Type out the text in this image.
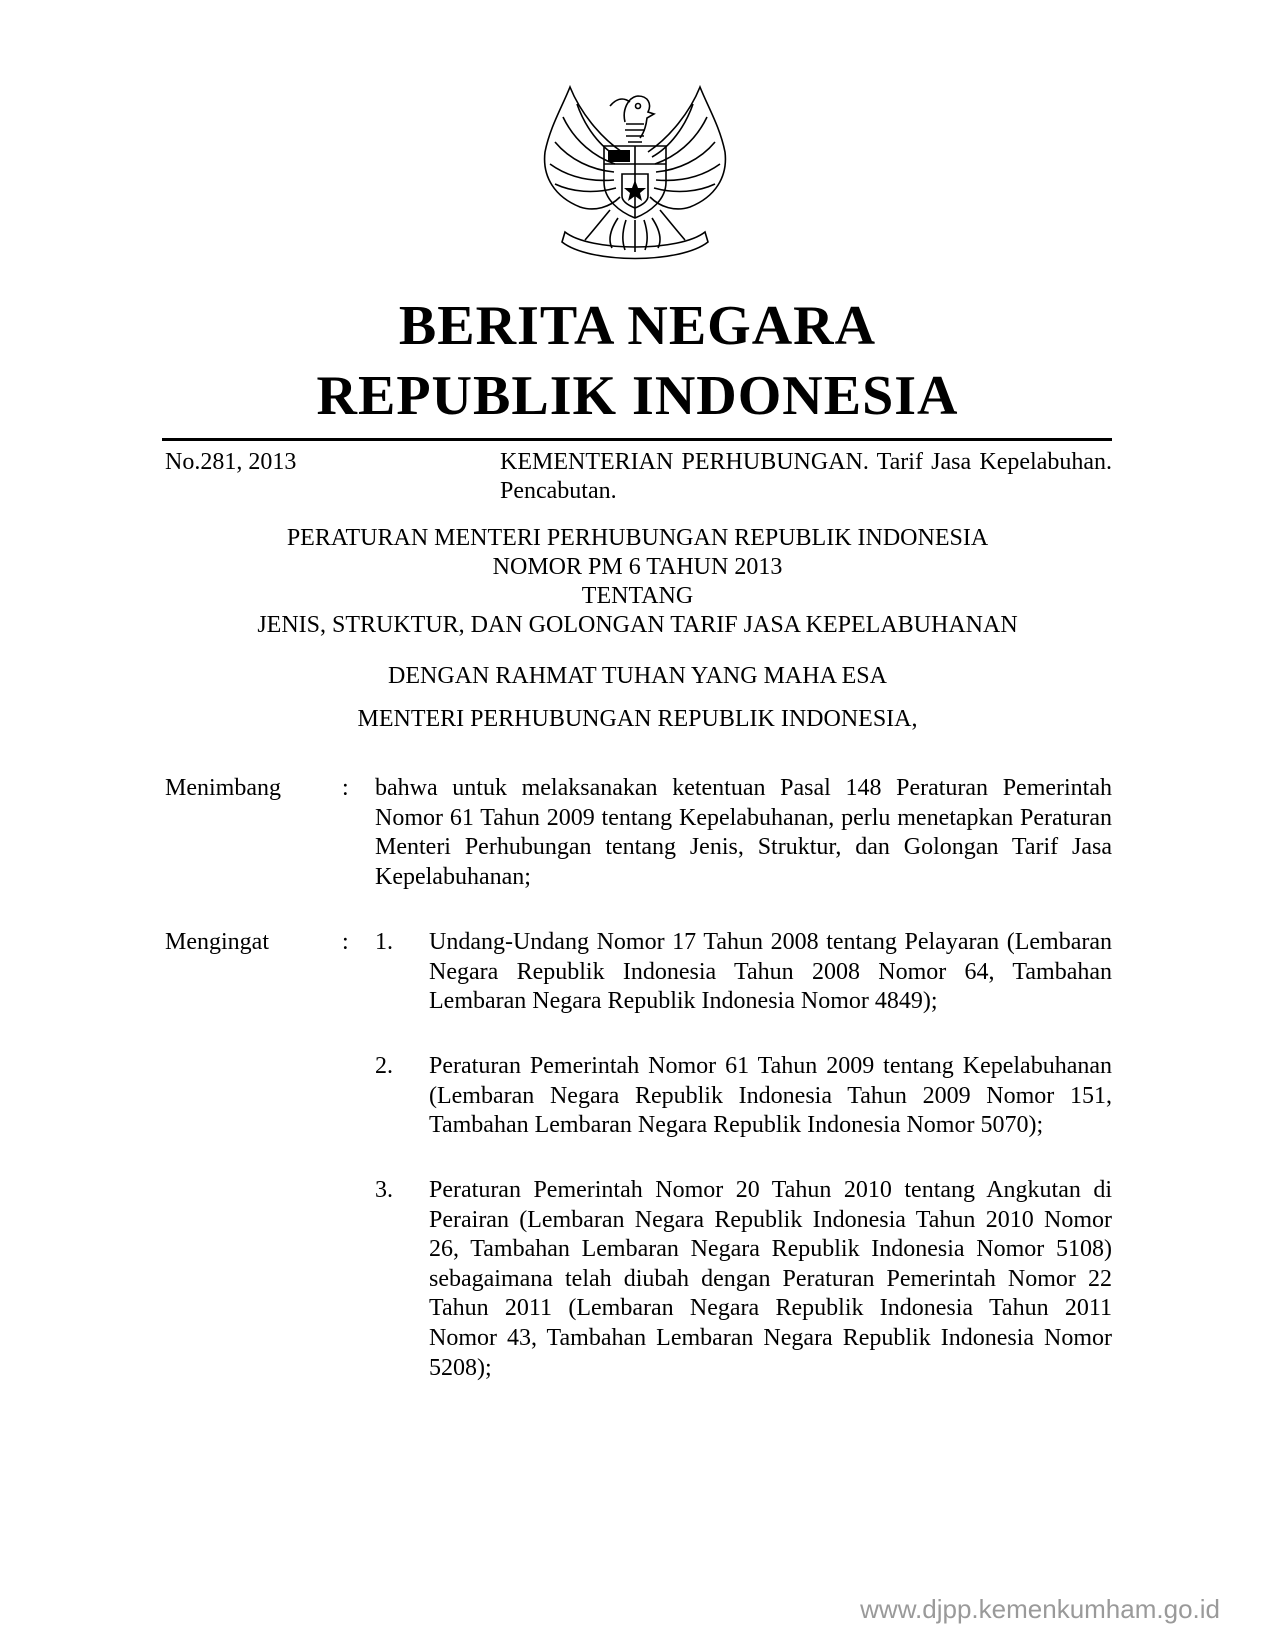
BERITA NEGARA
REPUBLIK INDONESIA
No.281, 2013	KEMENTERIAN PERHUBUNGAN. Tarif Jasa Kepelabuhan. Pencabutan.
PERATURAN MENTERI PERHUBUNGAN REPUBLIK INDONESIA
NOMOR PM 6 TAHUN 2013
TENTANG
JENIS, STRUKTUR, DAN GOLONGAN TARIF JASA KEPELABUHANAN
DENGAN RAHMAT TUHAN YANG MAHA ESA
MENTERI PERHUBUNGAN REPUBLIK INDONESIA,
Menimbang	: bahwa untuk melaksanakan ketentuan Pasal 148 Peraturan Pemerintah Nomor 61 Tahun 2009 tentang Kepelabuhanan, perlu menetapkan Peraturan Menteri Perhubungan tentang Jenis, Struktur, dan Golongan Tarif Jasa Kepelabuhanan;
Mengingat	: 1. Undang-Undang Nomor 17 Tahun 2008 tentang Pelayaran (Lembaran Negara Republik Indonesia Tahun 2008 Nomor 64, Tambahan Lembaran Negara Republik Indonesia Nomor 4849);
2. Peraturan Pemerintah Nomor 61 Tahun 2009 tentang Kepelabuhanan (Lembaran Negara Republik Indonesia Tahun 2009 Nomor 151, Tambahan Lembaran Negara Republik Indonesia Nomor 5070);
3. Peraturan Pemerintah Nomor 20 Tahun 2010 tentang Angkutan di Perairan (Lembaran Negara Republik Indonesia Tahun 2010 Nomor 26, Tambahan Lembaran Negara Republik Indonesia Nomor 5108) sebagaimana telah diubah dengan Peraturan Pemerintah Nomor 22 Tahun 2011 (Lembaran Negara Republik Indonesia Tahun 2011 Nomor 43, Tambahan Lembaran Negara Republik Indonesia Nomor 5208);
www.djpp.kemenkumham.go.id
